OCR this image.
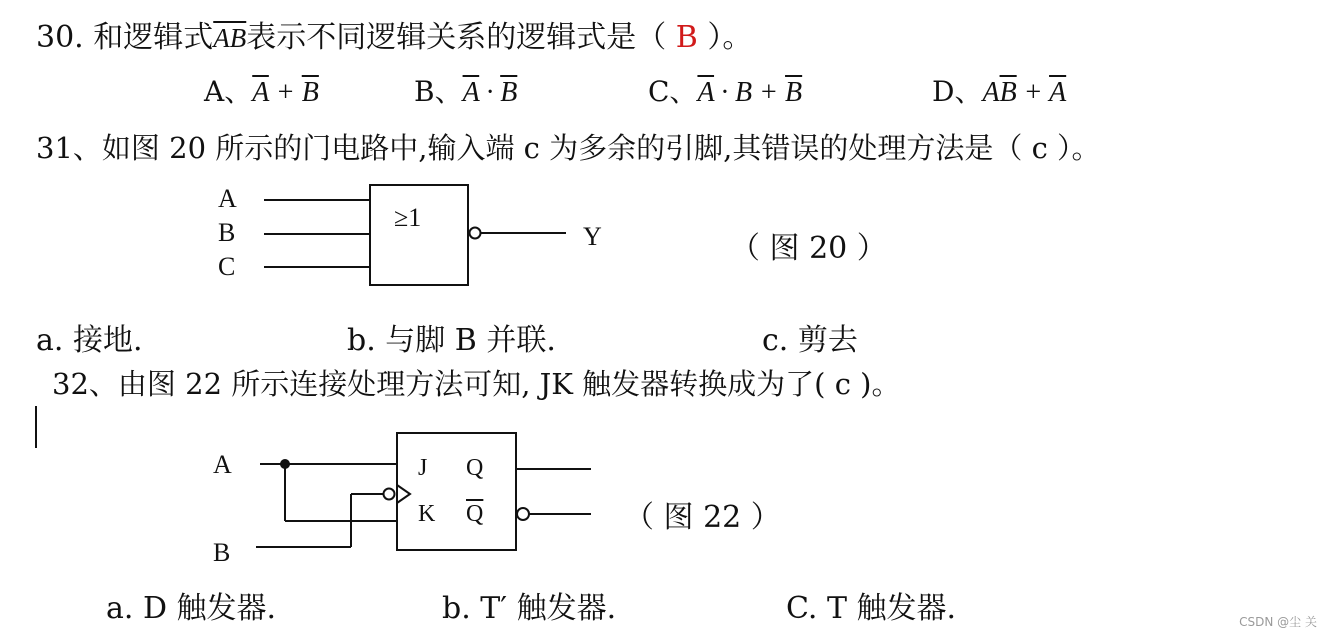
30. 和逻辑式$\overline{AB}$表示不同逻辑关系的逻辑式是（ B ）。
A、$\overline{A} + \overline{B}$	B、$\overline{A} \cdot \overline{B}$	C、$\overline{A} \cdot B + \overline{B}$	D、$A\overline{B} + \overline{A}$
31、如图 20 所示的门电路中,输入端 c 为多余的引脚,其错误的处理方法是（ c ）。
A
B
C
≥1
Y	（ 图 20 ）
a. 接地.	b. 与脚 B 并联.	c. 剪去
32、由图 22 所示连接处理方法可知, JK 触发器转换成为了( c )。
A
B
J Q
K $\overline{Q}$	（ 图 22 ）
a. D 触发器.	b. T′ 触发器.	C. T 触发器.	CSDN @尘 关
